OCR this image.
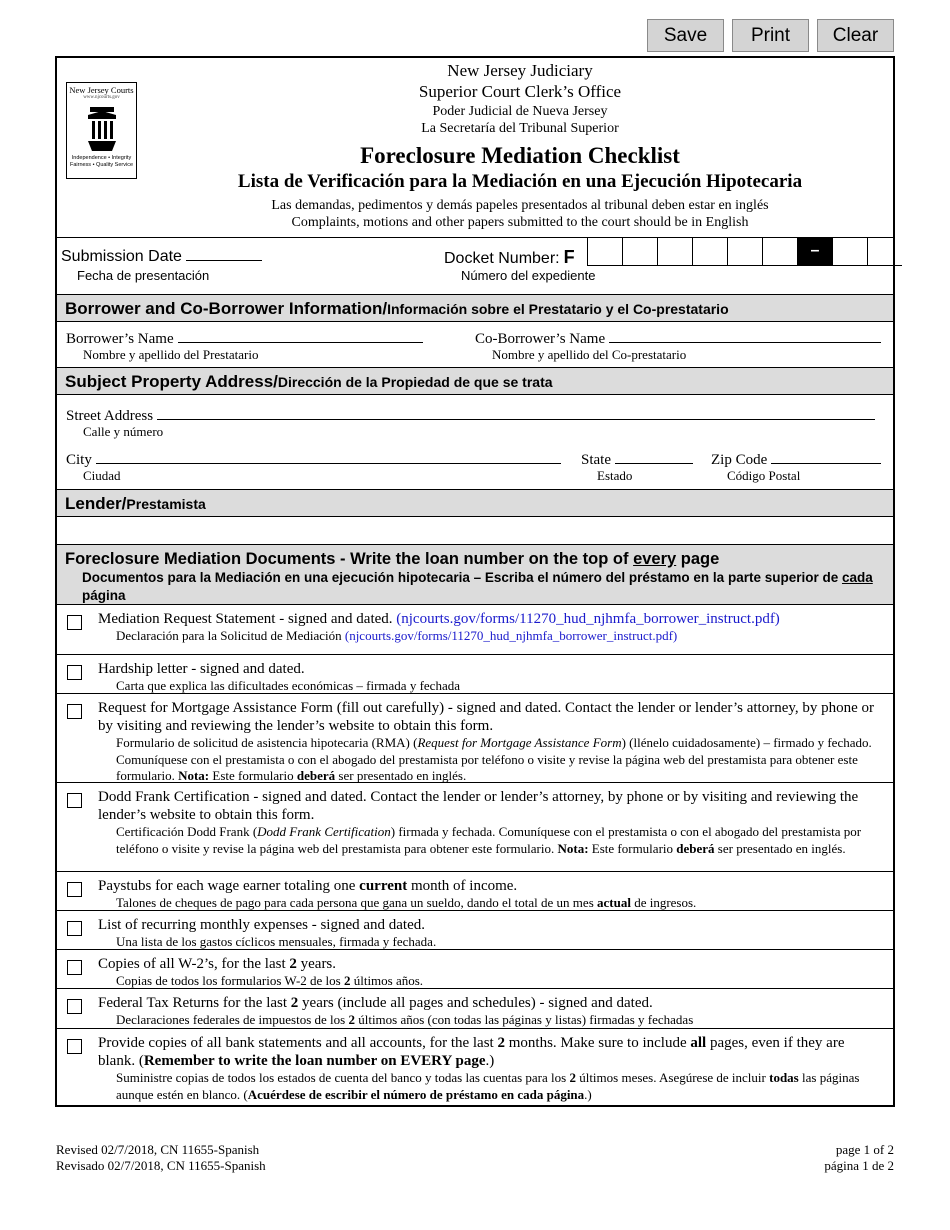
Save	Print	Clear
New Jersey Courts
www.njcourts.gov
Independence • Integrity
Fairness • Quality Service
New Jersey Judiciary
Superior Court Clerk’s Office
Poder Judicial de Nueva Jersey
La Secretaría del Tribunal Superior
Foreclosure Mediation Checklist
Lista de Verificación para la Mediación en una Ejecución Hipotecaria
Las demandas, pedimentos y demás papeles presentados al tribunal deben estar en inglés
Complaints, motions and other papers submitted to the court should be in English
Submission Date
Fecha de presentación
Docket Number: F
Número del expediente
–
Borrower and Co-Borrower Information/Información sobre el Prestatario y el Co-prestatario
Borrower’s Name
Nombre y apellido del Prestatario
Co-Borrower’s Name
Nombre y apellido del Co-prestatario
Subject Property Address/Dirección de la Propiedad de que se trata
Street Address
Calle y número
City
Ciudad
State
Estado
Zip Code
Código Postal
Lender/Prestamista
Foreclosure Mediation Documents - Write the loan number on the top of every page
Documentos para la Mediación en una ejecución hipotecaria – Escriba el número del préstamo en la parte superior de cada página
Mediation Request Statement - signed and dated. (njcourts.gov/forms/11270_hud_njhmfa_borrower_instruct.pdf)
Declaración para la Solicitud de Mediación (njcourts.gov/forms/11270_hud_njhmfa_borrower_instruct.pdf)
Hardship letter - signed and dated.
Carta que explica las dificultades económicas – firmada y fechada
Request for Mortgage Assistance Form (fill out carefully) - signed and dated. Contact the lender or lender’s attorney, by phone or by visiting and reviewing the lender’s website to obtain this form.
Formulario de solicitud de asistencia hipotecaria (RMA) (Request for Mortgage Assistance Form) (llénelo cuidadosamente) – firmado y fechado. Comuníquese con el prestamista o con el abogado del prestamista por teléfono o visite y revise la página web del prestamista para obtener este formulario. Nota: Este formulario deberá ser presentado en inglés.
Dodd Frank Certification - signed and dated. Contact the lender or lender’s attorney, by phone or by visiting and reviewing the lender’s website to obtain this form.
Certificación Dodd Frank (Dodd Frank Certification) firmada y fechada. Comuníquese con el prestamista o con el abogado del prestamista por teléfono o visite y revise la página web del prestamista para obtener este formulario. Nota: Este formulario deberá ser presentado en inglés.
Paystubs for each wage earner totaling one current month of income.
Talones de cheques de pago para cada persona que gana un sueldo, dando el total de un mes actual de ingresos.
List of recurring monthly expenses - signed and dated.
Una lista de los gastos cíclicos mensuales, firmada y fechada.
Copies of all W-2’s, for the last 2 years.
Copias de todos los formularios W-2 de los 2 últimos años.
Federal Tax Returns for the last 2 years (include all pages and schedules) - signed and dated.
Declaraciones federales de impuestos de los 2 últimos años (con todas las páginas y listas) firmadas y fechadas
Provide copies of all bank statements and all accounts, for the last 2 months. Make sure to include all pages, even if they are blank. (Remember to write the loan number on EVERY page.)
Suministre copias de todos los estados de cuenta del banco y todas las cuentas para los 2 últimos meses. Asegúrese de incluir todas las páginas aunque estén en blanco. (Acuérdese de escribir el número de préstamo en cada página.)
Revised 02/7/2018, CN 11655-Spanish
Revisado 02/7/2018, CN 11655-Spanish
page 1 of 2
página 1 de 2
